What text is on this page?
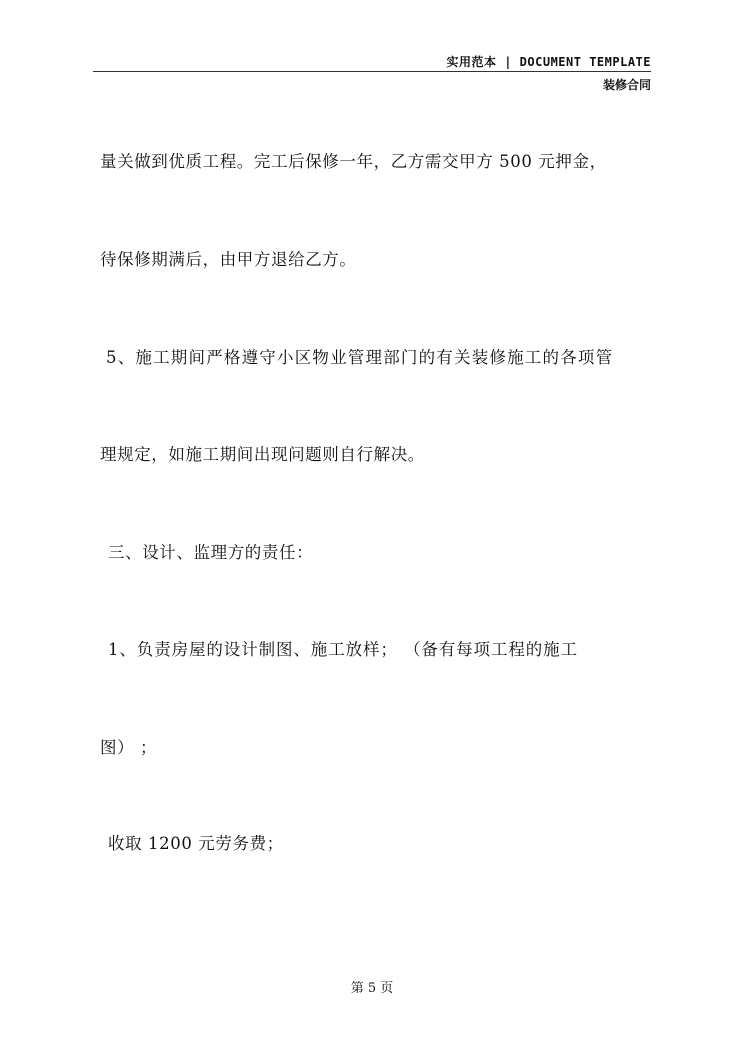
实用范本 | DOCUMENT TEMPLATE
装修合同
量关做到优质工程。完工后保修一年，乙方需交甲方 500 元押金，
待保修期满后，由甲方退给乙方。
5、施工期间严格遵守小区物业管理部门的有关装修施工的各项管
理规定，如施工期间出现问题则自行解决。
三、设计、监理方的责任：
1、负责房屋的设计制图、施工放样； （备有每项工程的施工
图） ；
收取 1200 元劳务费；
第 5 页
